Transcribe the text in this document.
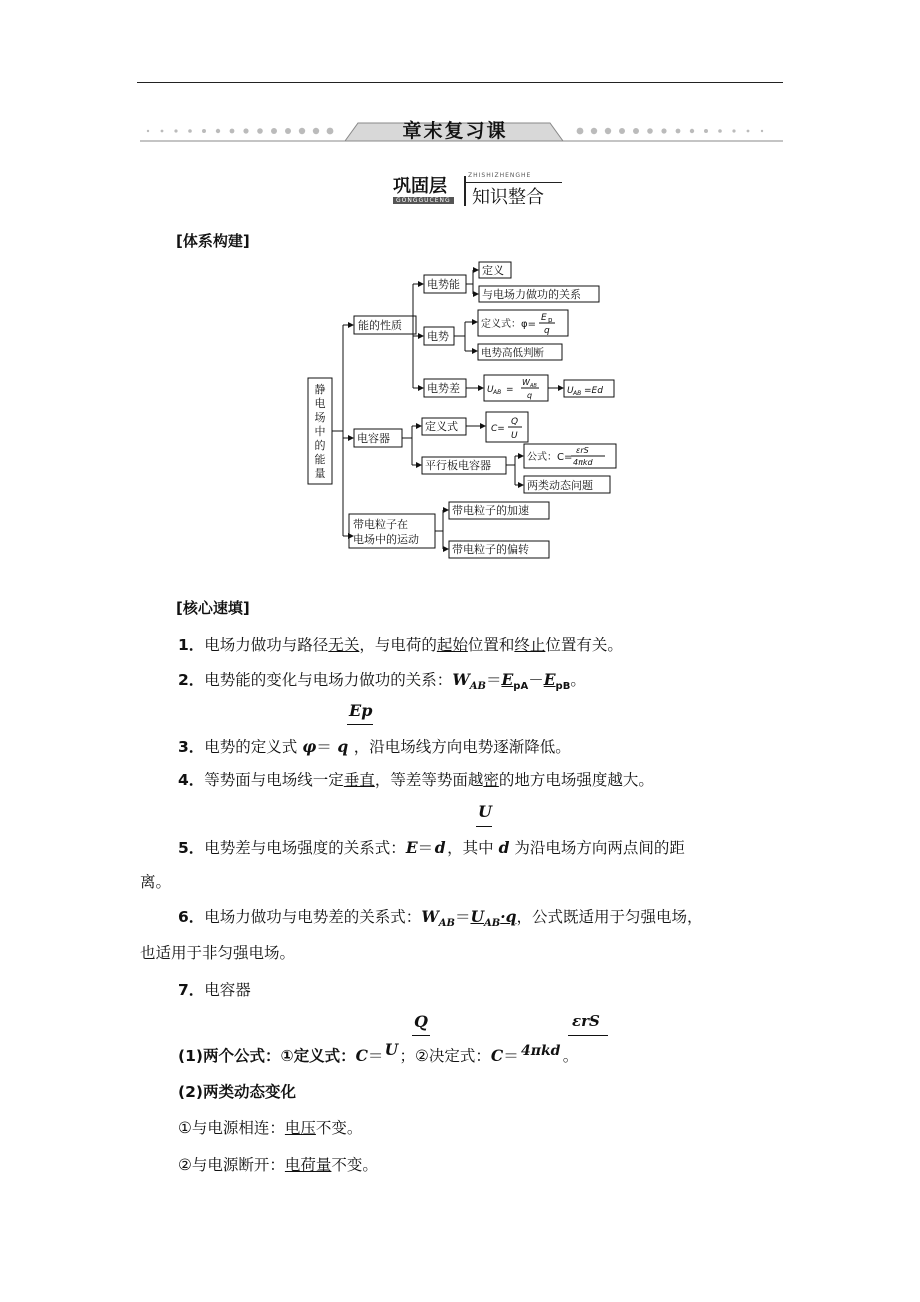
章末复习课
巩固层
GONGGUCENG
ZHISHIZHENGHE
知识整合
[体系构建]
静
电
场
中
的
能
量
能的性质
电势能
定义
与电场力做功的关系
电势
定义式：φ=
E p
q
电势高低判断
电势差	U AB =
W AB
q	U AB =Ed
电容器
定义式	C=
Q
U
平行板电容器
公式：C=
εrS
4πkd
两类动态问题
带电粒子在
电场中的运动
带电粒子的加速
带电粒子的偏转
[核心速填]
1．电场力做功与路径无关，与电荷的起始位置和终止位置有关。
2．电势能的变化与电场力做功的关系：$W_{AB}=E_{pA}-E_{pB}$。
Ep
3．电势的定义式 φ＝ q ，沿电场线方向电势逐渐降低。
4．等势面与电场线一定垂直，等差等势面越密的地方电场强度越大。
U
5．电势差与电场强度的关系式：E＝ d ，其中 d 为沿电场方向两点间的距
离。
6．电场力做功与电势差的关系式：$W_{AB}=U_{AB}\cdot q$，公式既适用于匀强电场，
也适用于非匀强电场。
7．电容器
Q	εrS
(1)两个公式：①定义式：C＝U；②决定式：C＝ 4πkd 。
(2)两类动态变化
①与电源相连：电压不变。
②与电源断开：电荷量不变。
